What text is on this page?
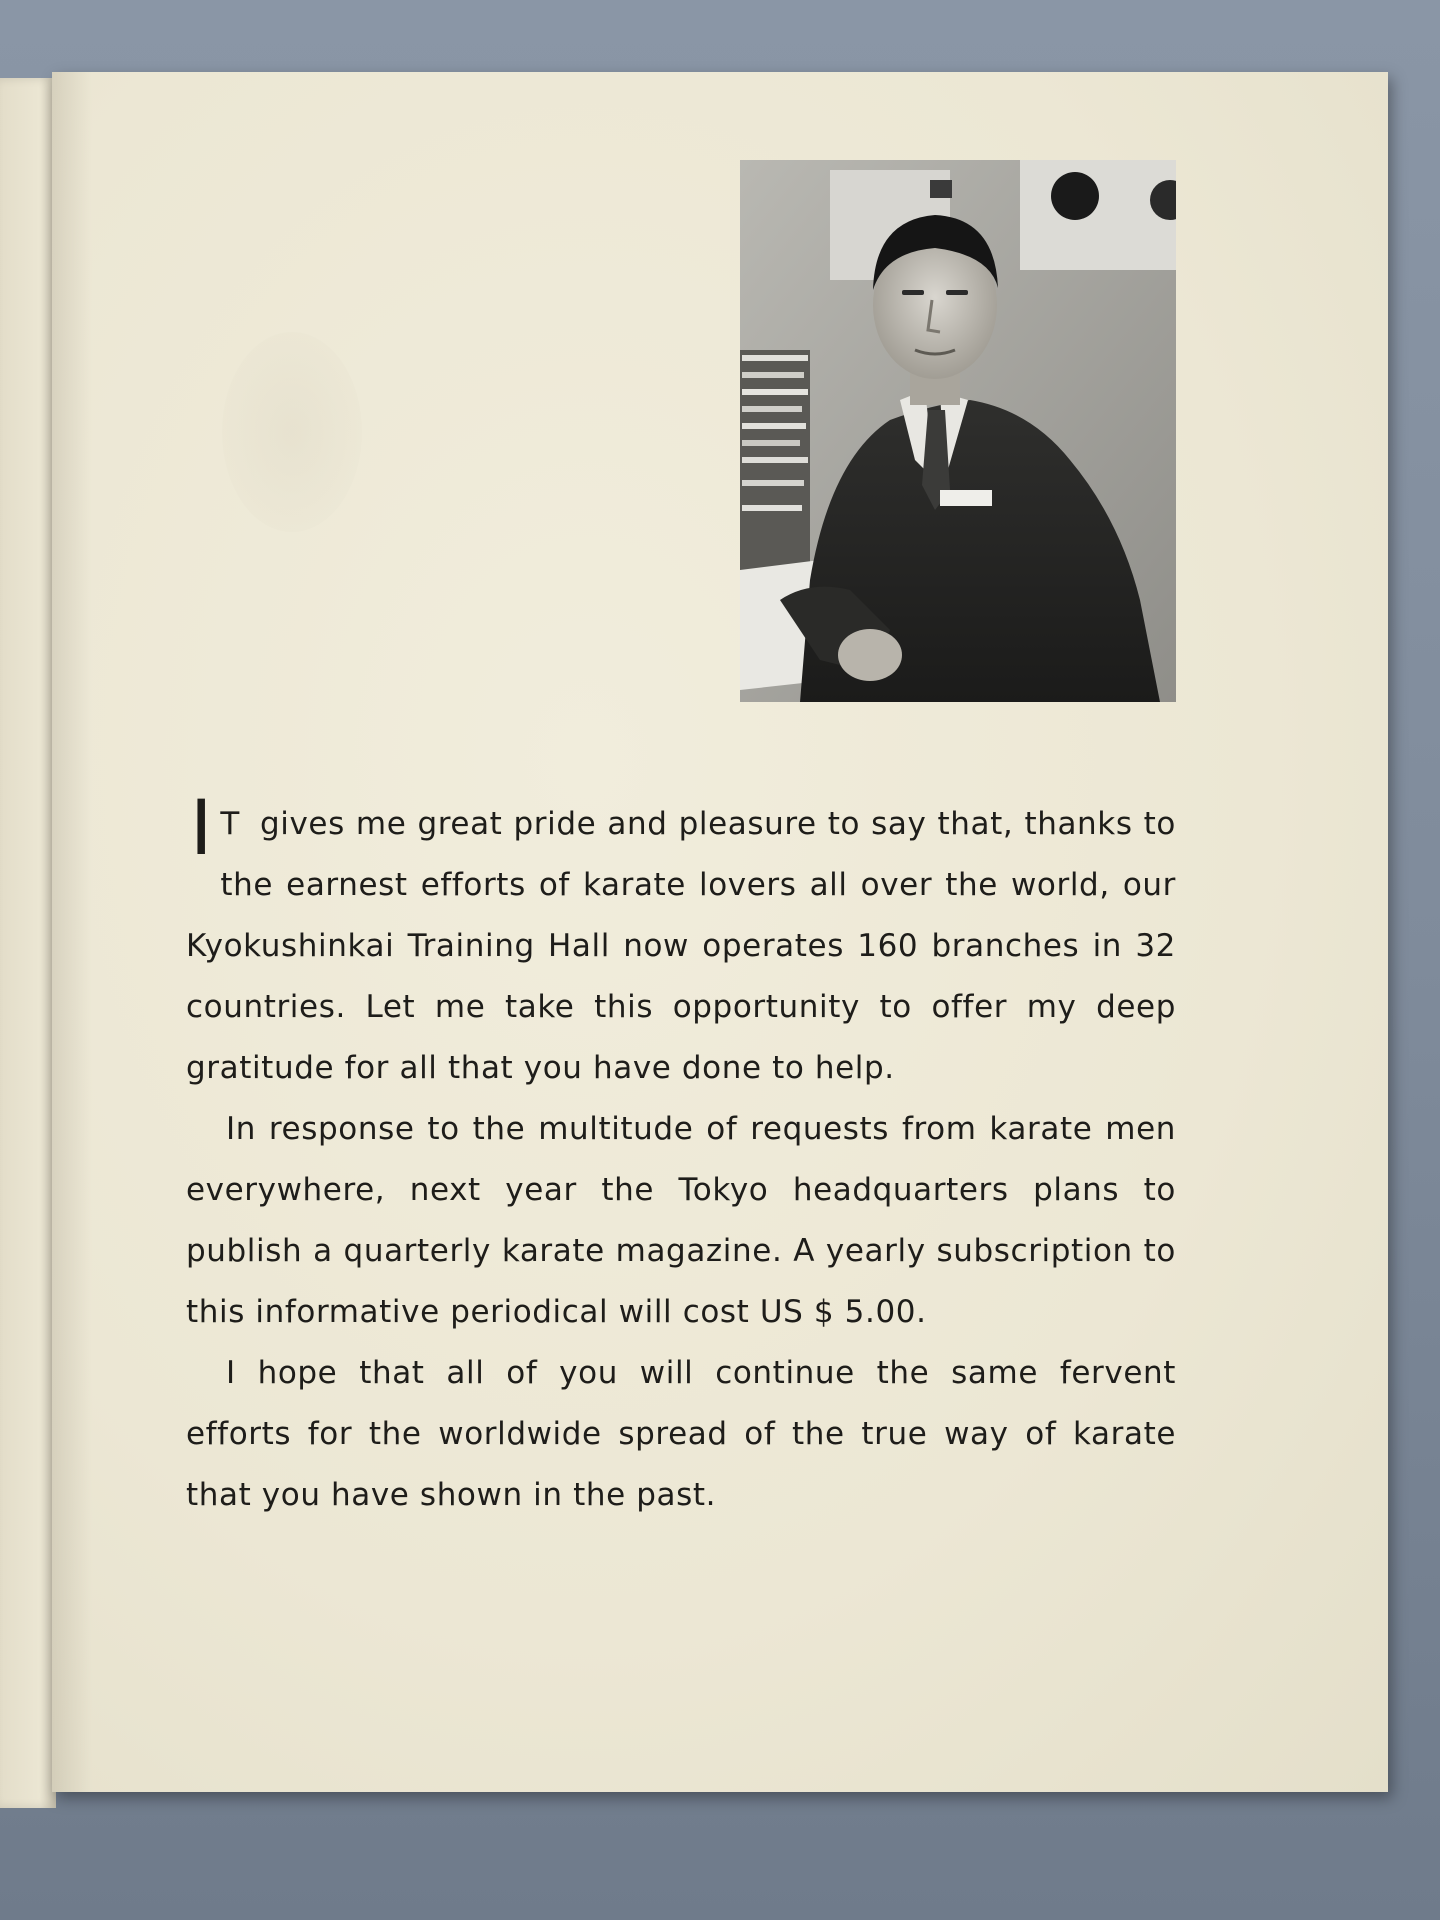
I T gives me great pride and pleasure to say that, thanks to the earnest efforts of karate lovers all over the world, our Kyokushinkai Training Hall now operates 160 branches in 32 countries. Let me take this opportunity to offer my deep gratitude for all that you have done to help.

In response to the multitude of requests from karate men everywhere, next year the Tokyo headquarters plans to publish a quarterly karate magazine. A yearly subscription to this informative periodical will cost US $ 5.00.

I hope that all of you will continue the same fervent efforts for the worldwide spread of the true way of karate that you have shown in the past.
